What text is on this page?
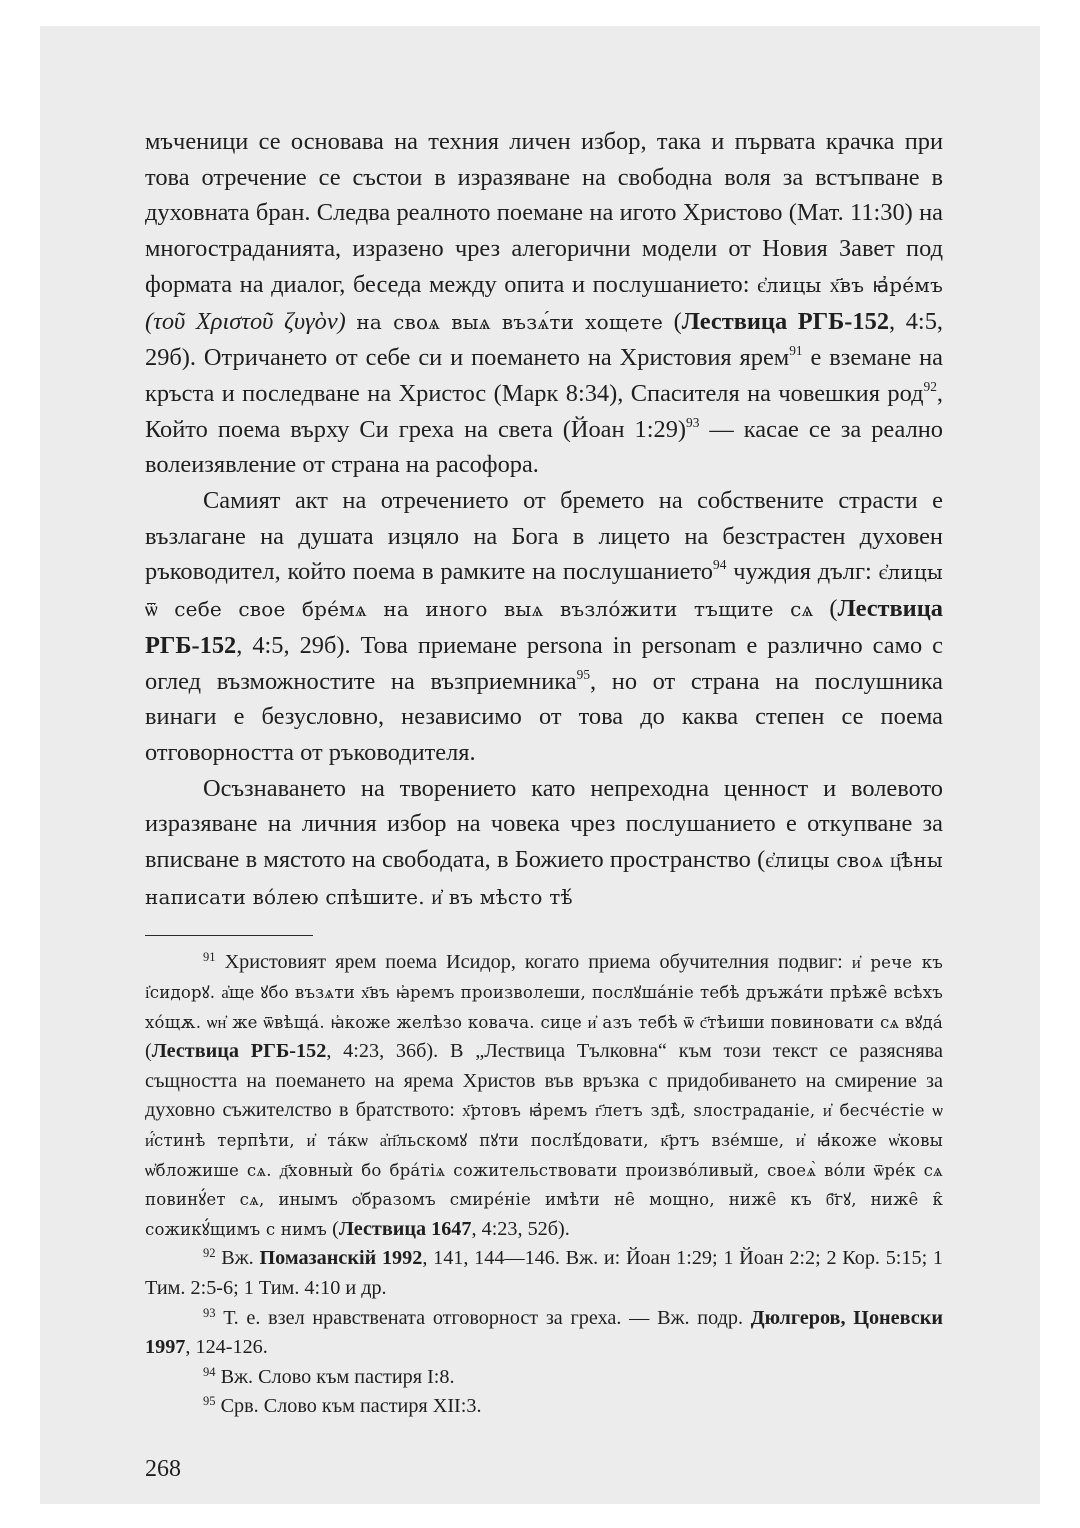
мъченици се основава на техния личен избор, така и първата крачка при това отречение се състои в изразяване на свободна воля за встъпване в духовната бран. Следва реалното поемане на игото Христово (Мат. 11:30) на многостраданията, изразено чрез алегорични модели от Новия Завет под формата на диалог, беседа между опита и послушанието: є҆лицы х҃въ ꙗ҆ре́мъ (τοῦ Χριστοῦ ζυγὸν) на своѧ выѧ възѧ́ти хощете (Лествица РГБ-152, 4:5, 29б). Отричането от себе си и поемането на Христовия ярем$^{91}$ е вземане на кръста и последване на Христос (Марк 8:34), Спасителя на човешкия род$^{92}$, Който поема върху Си греха на света (Йоан 1:29)$^{93}$ — касае се за реално волеизявление от страна на расофора.

Самият акт на отречението от бремето на собствените страсти е възлагане на душата изцяло на Бога в лицето на безстрастен духовен ръководител, който поема в рамките на послушанието$^{94}$ чуждия дълг: є҆лицы ѿ себе свое бре́мѧ на иного выѧ възло́жити тъщите сѧ (Лествица РГБ-152, 4:5, 29б). Това приемане persona in personam е различно само с оглед възможностите на възприемника$^{95}$, но от страна на послушника винаги е безусловно, независимо от това до каква степен се поема отговорността от ръководителя.

Осъзнаването на творението като непреходна ценност и волевото изразяване на личния избор на човека чрез послушанието е откупване за вписване в мястото на свободата, в Божието пространство (є҆лицы своѧ ц҃ѣны написати во́лею спѣшите. и҆ въ мѣсто тѣ́

$^{91}$ Христовият ярем поема Исидор, когато приема обучителния подвиг: и҆ рече къ і҆сидорꙋ. а҆ще ꙋбо възѧти х҃въ ꙗ҆ремъ произволеши, послꙋша́ніе тебѣ дръжа́ти прѣже̑ всѣхъ хо́щѫ. ѡн҆ же ѿвѣща́. ꙗ҆коже желѣзо ковача. сице и҆ азъ тебѣ ѿ с҃тѣиши повиновати сѧ вꙋда́ (Лествица РГБ-152, 4:23, 36б). В „Лествица Тълковна“ към този текст се разяснява същността на поемането на ярема Христов във връзка с придобиването на смирение за духовно съжителство в братството: х҃ртовъ ꙗ҆ремъ г҃летъ здѣ̀, ѕлостраданіе, и҆ бесче́стіе ѡ и҆́стинѣ терпѣти, и҆ та́кѡ а҆п҃льскомꙋ пꙋти послѣ́довати, к҃ртъ взе́мше, и҆ ꙗ҆́коже ѡ҆ковы ѡ҆бложише сѧ. д҃ховныѝ бо бра́тіѧ сожительствовати произво́ливый, своеѧ̀ во́ли ѿре́к сѧ повинꙋ́ет сѧ, инымъ ѻ҆бразомъ смире́ніе имѣти не̑ мощно, ниже̑ къ б҃гꙋ, ниже̑ к̑ сожикꙋ́щимъ с нимъ (Лествица 1647, 4:23, 52б).

$^{92}$ Вж. Помазанскій 1992, 141, 144—146. Вж. и: Йоан 1:29; 1 Йоан 2:2; 2 Кор. 5:15; 1 Тим. 2:5-6; 1 Тим. 4:10 и др.

$^{93}$ Т. е. взел нравствената отговорност за греха. — Вж. подр. Дюлгеров, Цоневски 1997, 124-126.

$^{94}$ Вж. Слово към пастиря I:8.

$^{95}$ Срв. Слово към пастиря XII:3.

268
